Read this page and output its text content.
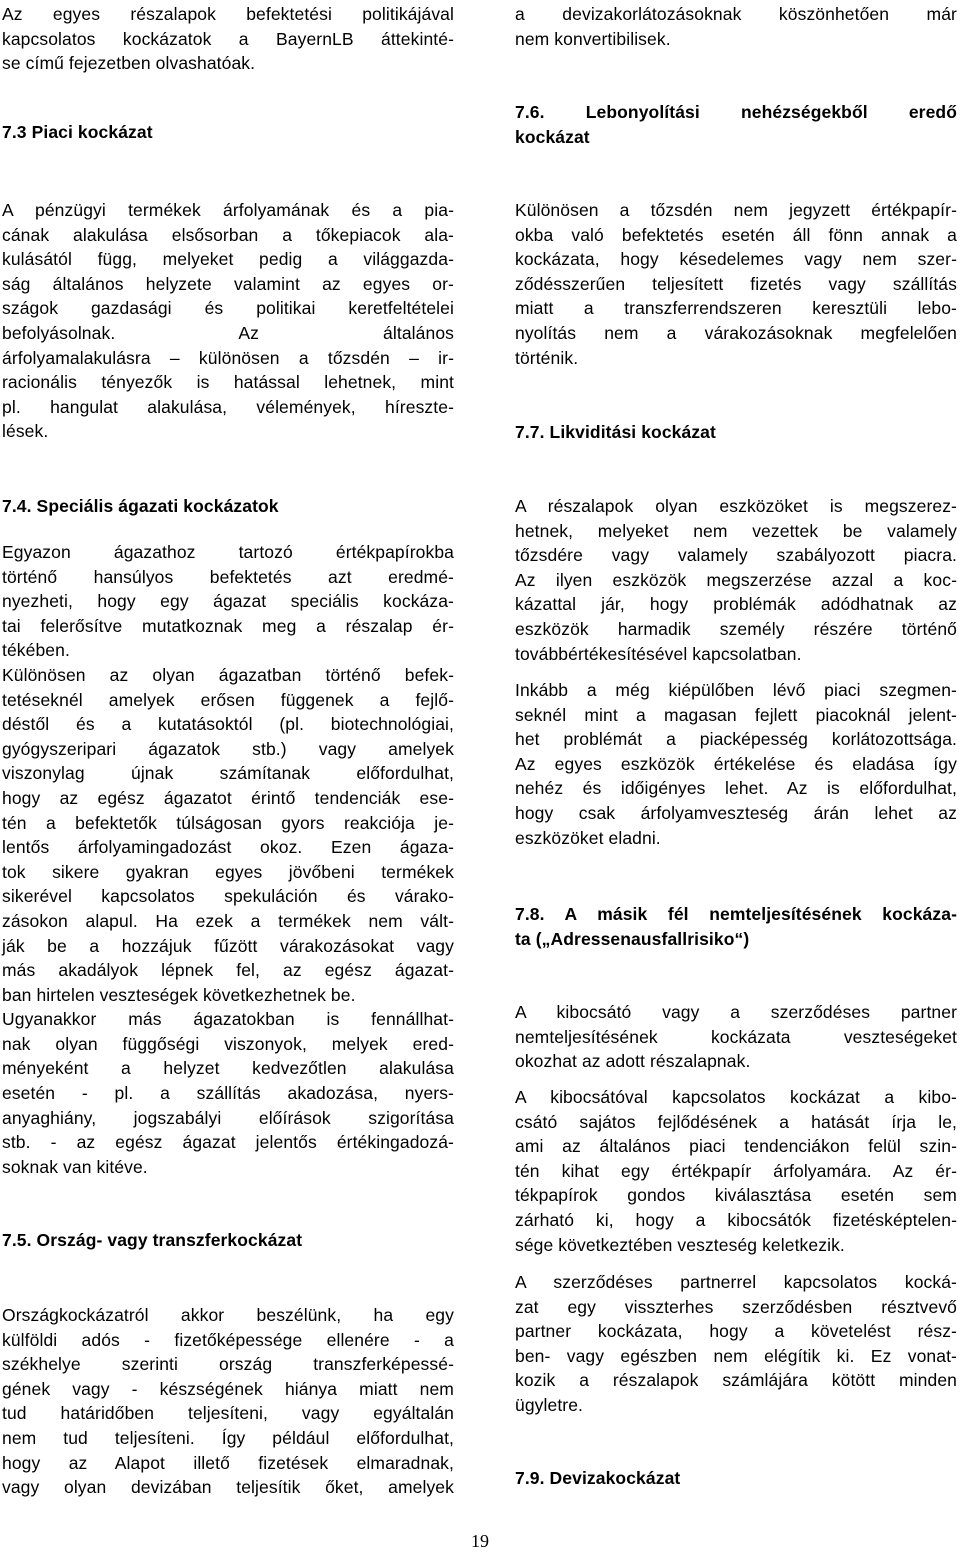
Az egyes részalapok befektetési politikájával
kapcsolatos kockázatok a BayernLB áttekinté-
se című fejezetben olvashatóak.
7.3 Piaci kockázat
A pénzügyi termékek árfolyamának és a pia-
cának alakulása elsősorban a tőkepiacok ala-
kulásától függ, melyeket pedig a világgazda-
ság általános helyzete valamint az egyes or-
szágok gazdasági és politikai keretfeltételei
befolyásolnak. Az általános
árfolyamalakulásra – különösen a tőzsdén – ir-
racionális tényezők is hatással lehetnek, mint
pl. hangulat alakulása, vélemények, híreszte-
lések.
7.4. Speciális ágazati kockázatok
Egyazon ágazathoz tartozó értékpapírokba
történő hansúlyos befektetés azt eredmé-
nyezheti, hogy egy ágazat speciális kockáza-
tai felerősítve mutatkoznak meg a részalap ér-
tékében.
Különösen az olyan ágazatban történő befek-
tetéseknél amelyek erősen függenek a fejlő-
déstől és a kutatásoktól (pl. biotechnológiai,
gyógyszeripari ágazatok stb.) vagy amelyek
viszonylag újnak számítanak előfordulhat,
hogy az egész ágazatot érintő tendenciák ese-
tén a befektetők túlságosan gyors reakciója je-
lentős árfolyamingadozást okoz. Ezen ágaza-
tok sikere gyakran egyes jövőbeni termékek
sikerével kapcsolatos spekuláción és várako-
zásokon alapul. Ha ezek a termékek nem vált-
ják be a hozzájuk fűzött várakozásokat vagy
más akadályok lépnek fel, az egész ágazat-
ban hirtelen veszteségek következhetnek be.
Ugyanakkor más ágazatokban is fennállhat-
nak olyan függőségi viszonyok, melyek ered-
ményeként a helyzet kedvezőtlen alakulása
esetén - pl. a szállítás akadozása, nyers-
anyaghiány, jogszabályi előírások szigorítása
stb. - az egész ágazat jelentős értékingadozá-
soknak van kitéve.
7.5. Ország- vagy transzferkockázat
Országkockázatról akkor beszélünk, ha egy
külföldi adós - fizetőképessége ellenére - a
székhelye szerinti ország transzferképessé-
gének vagy - készségének hiánya miatt nem
tud határidőben teljesíteni, vagy egyáltalán
nem tud teljesíteni. Így például előfordulhat,
hogy az Alapot illető fizetések elmaradnak,
vagy olyan devizában teljesítik őket, amelyek
a devizakorlátozásoknak köszönhetően már
nem konvertibilisek.
7.6. Lebonyolítási nehézségekből eredő
kockázat
Különösen a tőzsdén nem jegyzett értékpapír-
okba való befektetés esetén áll fönn annak a
kockázata, hogy késedelemes vagy nem szer-
ződésszerűen teljesített fizetés vagy szállítás
miatt a transzferrendszeren keresztüli lebo-
nyolítás nem a várakozásoknak megfelelően
történik.
7.7. Likviditási kockázat
A részalapok olyan eszközöket is megszerez-
hetnek, melyeket nem vezettek be valamely
tőzsdére vagy valamely szabályozott piacra.
Az ilyen eszközök megszerzése azzal a koc-
kázattal jár, hogy problémák adódhatnak az
eszközök harmadik személy részére történő
továbbértékesítésével kapcsolatban.
Inkább a még kiépülőben lévő piaci szegmen-
seknél mint a magasan fejlett piacoknál jelent-
het problémát a piacképesség korlátozottsága.
Az egyes eszközök értékelése és eladása így
nehéz és időigényes lehet. Az is előfordulhat,
hogy csak árfolyamveszteség árán lehet az
eszközöket eladni.
7.8. A másik fél nemteljesítésének kockáza-
ta („Adressenausfallrisiko“)
A kibocsátó vagy a szerződéses partner
nemteljesítésének kockázata veszteségeket
okozhat az adott részalapnak.
A kibocsátóval kapcsolatos kockázat a kibo-
csátó sajátos fejlődésének a hatását írja le,
ami az általános piaci tendenciákon felül szin-
tén kihat egy értékpapír árfolyamára. Az ér-
tékpapírok gondos kiválasztása esetén sem
zárható ki, hogy a kibocsátók fizetésképtelen-
sége következtében veszteség keletkezik.
A szerződéses partnerrel kapcsolatos kocká-
zat egy visszterhes szerződésben résztvevő
partner kockázata, hogy a követelést rész-
ben- vagy egészben nem elégítik ki. Ez vonat-
kozik a részalapok számlájára kötött minden
ügyletre.
7.9. Devizakockázat
19
